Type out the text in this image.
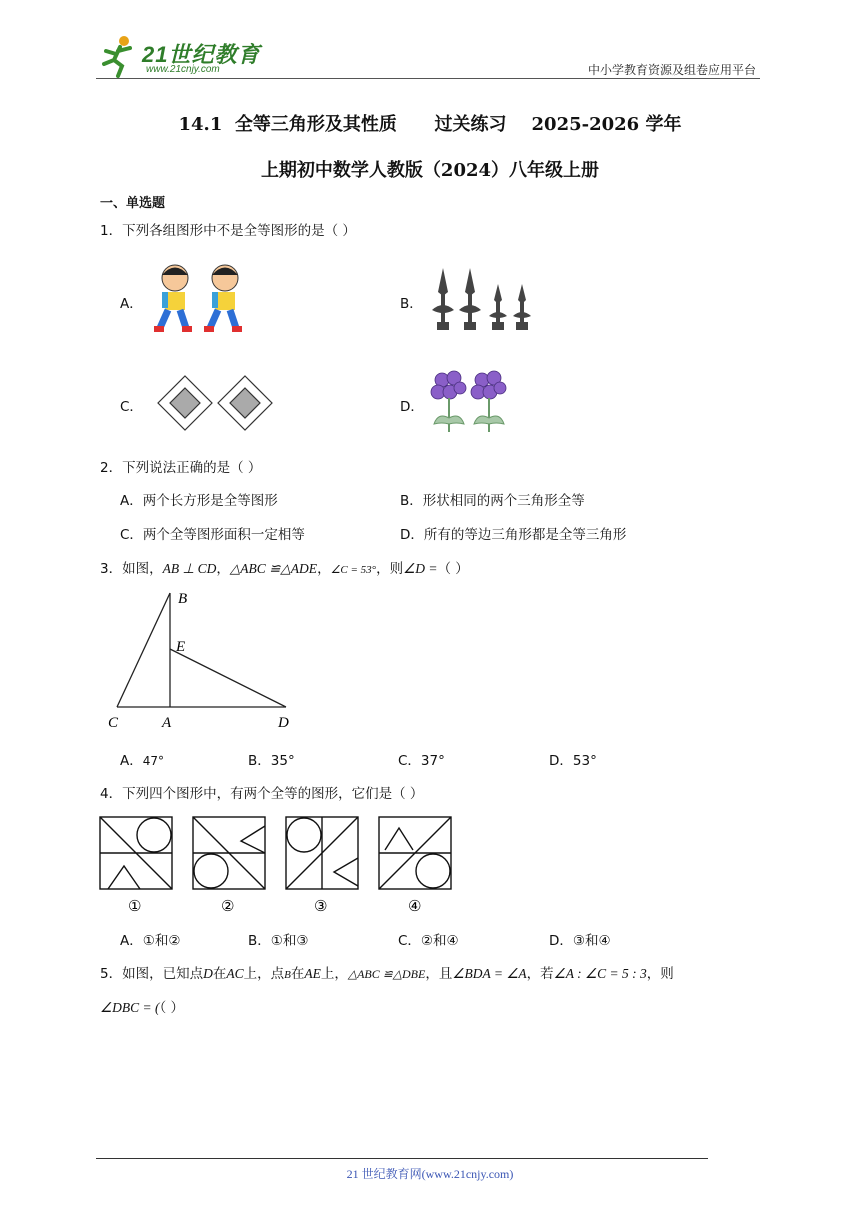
21世纪教育
www.21cnjy.com	中小学教育资源及组卷应用平台
14.1  全等三角形及其性质      过关练习    2025-2026 学年
上期初中数学人教版（2024）八年级上册
一、单选题
1．下列各组图形中不是全等图形的是（ ）
A．	B．
C．	D．
2．下列说法正确的是（ ）
A．两个长方形是全等图形	B．形状相同的两个三角形全等
C．两个全等图形面积一定相等	D．所有的等边三角形都是全等三角形
3．如图，AB ⊥ CD，△ABC ≌△ADE，∠C = 53°，则∠D =（ ）
B
E
C	A	D
A．47°	B．35°	C．37°	D．53°
4．下列四个图形中，有两个全等的图形，它们是（ ）
①	②	③	④
A．①和②	B．①和③	C．②和④	D．③和④
5．如图，已知点D在AC上，点B在AE上，△ABC ≌△DBE，且∠BDA = ∠A，若∠A : ∠C = 5 : 3，则
∠DBC = (（ ）
21 世纪教育网(www.21cnjy.com)
